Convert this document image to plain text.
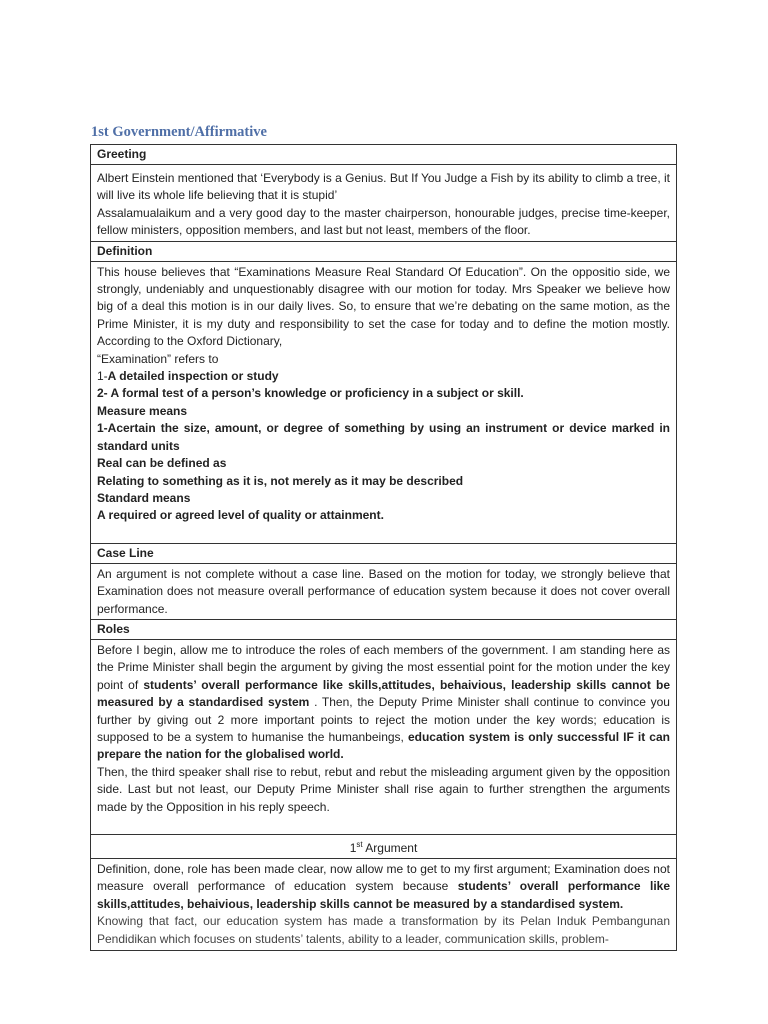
1st Government/Affirmative
Greeting

Albert Einstein mentioned that ‘Everybody is a Genius. But If You Judge a Fish by its ability to climb a tree, it will live its whole life believing that it is stupid’

Assalamualaikum and a very good day to the master chairperson, honourable judges, precise time-keeper, fellow ministers, opposition members, and last but not least, members of the floor.

Definition

This house believes that “Examinations Measure Real Standard Of Education”. On the oppositio side, we strongly, undeniably and unquestionably disagree with our motion for today. Mrs Speaker we believe how big of a deal this motion is in our daily lives. So, to ensure that we’re debating on the same motion, as the Prime Minister, it is my duty and responsibility to set the case for today and to define the motion mostly. According to the Oxford Dictionary,

“Examination” refers to

1-A detailed inspection or study

2- A formal test of a person’s knowledge or proficiency in a subject or skill.

Measure means

1-Acertain the size, amount, or degree of something by using an instrument or device marked in standard units

Real can be defined as

Relating to something as it is, not merely as it may be described

Standard means

A required or agreed level of quality or attainment.

Case Line

An argument is not complete without a case line. Based on the motion for today, we strongly believe that Examination does not measure overall performance of education system because it does not cover overall performance.

Roles

Before I begin, allow me to introduce the roles of each members of the government. I am standing here as the Prime Minister shall begin the argument by giving the most essential point for the motion under the key point of students’ overall performance like skills,attitudes, behaivious, leadership skills cannot be measured by a standardised system . Then, the Deputy Prime Minister shall continue to convince you further by giving out 2 more important points to reject the motion under the key words; education is supposed to be a system to humanise the humanbeings, education system is only successful IF it can prepare the nation for the globalised world.

Then, the third speaker shall rise to rebut, rebut and rebut the misleading argument given by the opposition side. Last but not least, our Deputy Prime Minister shall rise again to further strengthen the arguments made by the Opposition in his reply speech.

1st Argument

Definition, done, role has been made clear, now allow me to get to my first argument; Examination does not measure overall performance of education system because students’ overall performance like skills,attitudes, behaivious, leadership skills cannot be measured by a standardised system.

Knowing that fact, our education system has made a transformation by its Pelan Induk Pembangunan Pendidikan which focuses on students’ talents, ability to a leader, communication skills, problem-
